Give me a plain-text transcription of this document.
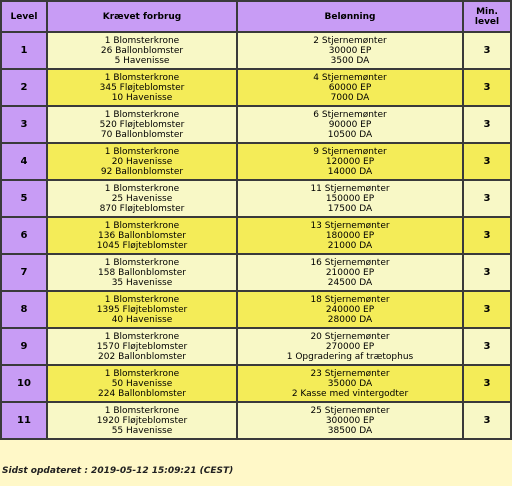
Level	Krævet forbrug	Belønning	Min.
level

1	1 Blomsterkrone
26 Ballonblomster
5 Havenisse	2 Stjernemønter
30000 EP
3500 DA	3
2	1 Blomsterkrone
345 Fløjteblomster
10 Havenisse	4 Stjernemønter
60000 EP
7000 DA	3
3	1 Blomsterkrone
520 Fløjteblomster
70 Ballonblomster	6 Stjernemønter
90000 EP
10500 DA	3
4	1 Blomsterkrone
20 Havenisse
92 Ballonblomster	9 Stjernemønter
120000 EP
14000 DA	3
5	1 Blomsterkrone
25 Havenisse
870 Fløjteblomster	11 Stjernemønter
150000 EP
17500 DA	3
6	1 Blomsterkrone
136 Ballonblomster
1045 Fløjteblomster	13 Stjernemønter
180000 EP
21000 DA	3
7	1 Blomsterkrone
158 Ballonblomster
35 Havenisse	16 Stjernemønter
210000 EP
24500 DA	3
8	1 Blomsterkrone
1395 Fløjteblomster
40 Havenisse	18 Stjernemønter
240000 EP
28000 DA	3
9	1 Blomsterkrone
1570 Fløjteblomster
202 Ballonblomster	20 Stjernemønter
270000 EP
1 Opgradering af trætophus	3
10	1 Blomsterkrone
50 Havenisse
224 Ballonblomster	23 Stjernemønter
35000 DA
2 Kasse med vintergodter	3
11	1 Blomsterkrone
1920 Fløjteblomster
55 Havenisse	25 Stjernemønter
300000 EP
38500 DA	3
Sidst opdateret : 2019-05-12 15:09:21 (CEST)
